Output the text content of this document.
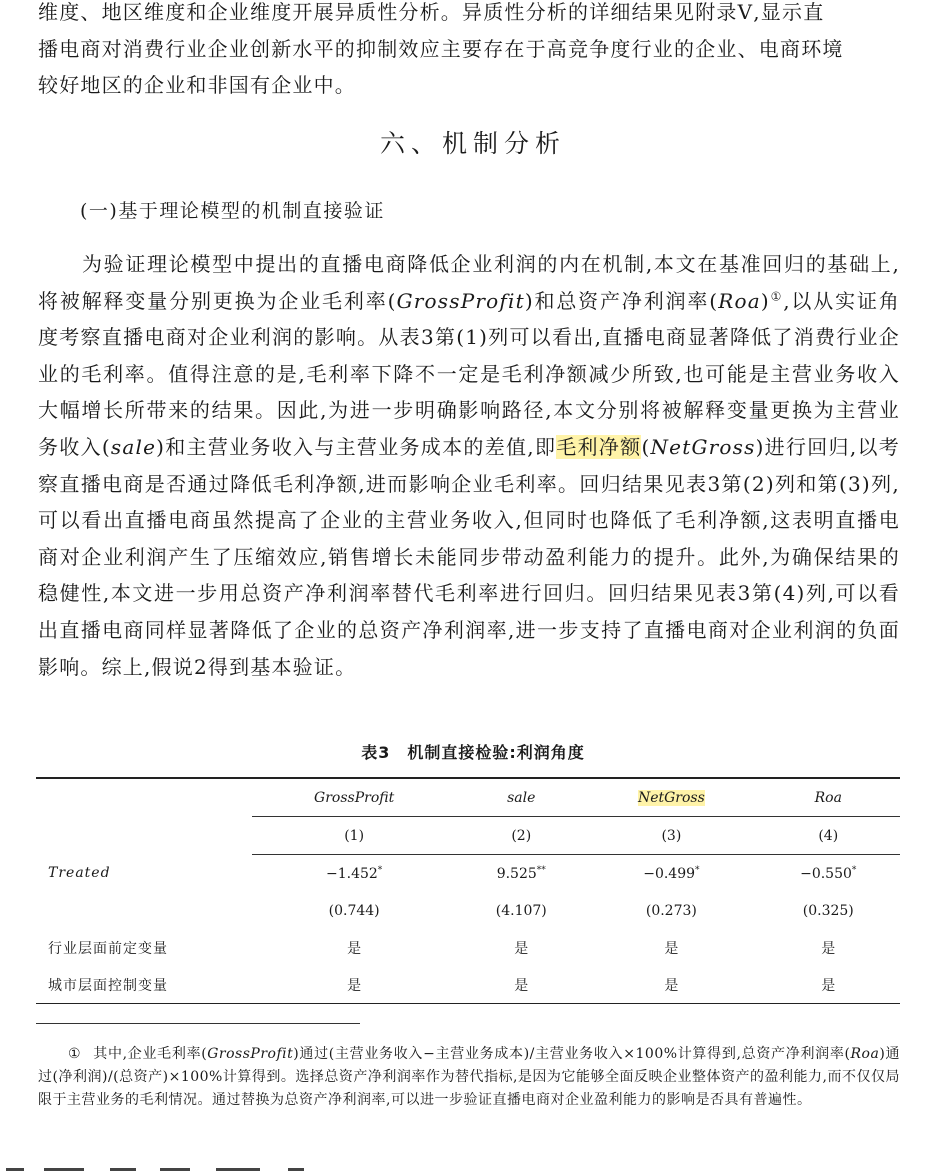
维度、地区维度和企业维度开展异质性分析。异质性分析的详细结果见附录Ⅴ,显示直
播电商对消费行业企业创新水平的抑制效应主要存在于高竞争度行业的企业、电商环境
较好地区的企业和非国有企业中。
六、机制分析
(一)基于理论模型的机制直接验证

为验证理论模型中提出的直播电商降低企业利润的内在机制,本文在基准回归的基础上,将被解释变量分别更换为企业毛利率(GrossProfit)和总资产净利润率(Roa)①,以从实证角度考察直播电商对企业利润的影响。从表3第(1)列可以看出,直播电商显著降低了消费行业企业的毛利率。值得注意的是,毛利率下降不一定是毛利净额减少所致,也可能是主营业务收入大幅增长所带来的结果。因此,为进一步明确影响路径,本文分别将被解释变量更换为主营业务收入(sale)和主营业务收入与主营业务成本的差值,即毛利净额(NetGross)进行回归,以考察直播电商是否通过降低毛利净额,进而影响企业毛利率。回归结果见表3第(2)列和第(3)列,可以看出直播电商虽然提高了企业的主营业务收入,但同时也降低了毛利净额,这表明直播电商对企业利润产生了压缩效应,销售增长未能同步带动盈利能力的提升。此外,为确保结果的稳健性,本文进一步用总资产净利润率替代毛利率进行回归。回归结果见表3第(4)列,可以看出直播电商同样显著降低了企业的总资产净利润率,进一步支持了直播电商对企业利润的负面影响。综上,假说2得到基本验证。

表3　机制直接检验:利润角度
	GrossProfit	sale	NetGross	Roa
	(1)	(2)	(3)	(4)
Treated	−1.452*	9.525**	−0.499*	−0.550*
	(0.744)	(4.107)	(0.273)	(0.325)
行业层面前定变量	是	是	是	是
城市层面控制变量	是	是	是	是

① 其中,企业毛利率(GrossProfit)通过(主营业务收入−主营业务成本)/主营业务收入×100%计算得到,总资产净利润率(Roa)通过(净利润)/(总资产)×100%计算得到。选择总资产净利润率作为替代指标,是因为它能够全面反映企业整体资产的盈利能力,而不仅仅局限于主营业务的毛利情况。通过替换为总资产净利润率,可以进一步验证直播电商对企业盈利能力的影响是否具有普遍性。
